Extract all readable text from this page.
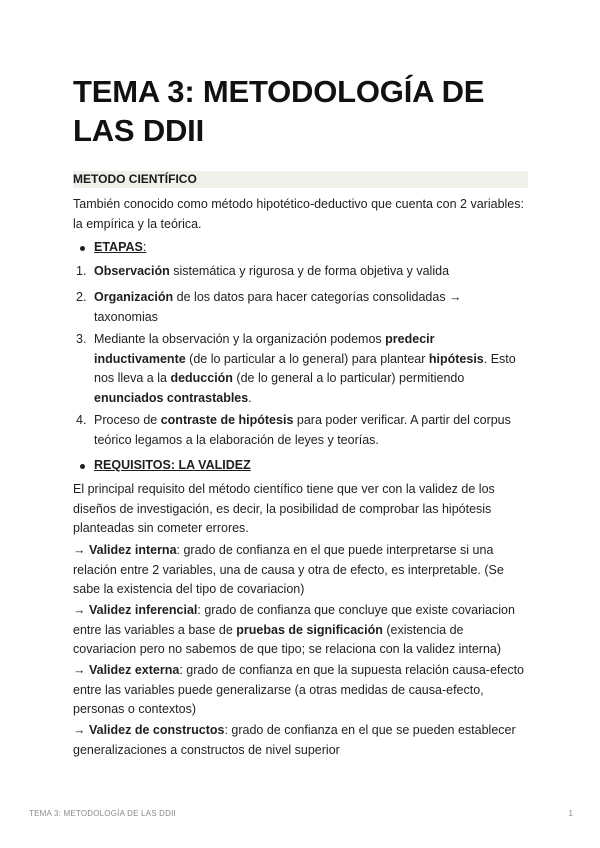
TEMA 3: METODOLOGÍA DE LAS DDII
METODO CIENTÍFICO

También conocido como método hipotético-deductivo que cuenta con 2 variables: la empírica y la teórica.

ETAPAS:
1. Observación sistemática y rigurosa y de forma objetiva y valida
2. Organización de los datos para hacer categorías consolidadas → taxonomias
3. Mediante la observación y la organización podemos predecir inductivamente (de lo particular a lo general) para plantear hipótesis. Esto nos lleva a la deducción (de lo general a lo particular) permitiendo enunciados contrastables.
4. Proceso de contraste de hipótesis para poder verificar. A partir del corpus teórico legamos a la elaboración de leyes y teorías.
REQUISITOS: LA VALIDEZ

El principal requisito del método científico tiene que ver con la validez de los diseños de investigación, es decir, la posibilidad de comprobar las hipótesis planteadas sin cometer errores.

→ Validez interna: grado de confianza en el que puede interpretarse si una relación entre 2 variables, una de causa y otra de efecto, es interpretable. (Se sabe la existencia del tipo de covariacion)

→ Validez inferencial: grado de confianza que concluye que existe covariacion entre las variables a base de pruebas de significación (existencia de covariacion pero no sabemos de que tipo; se relaciona con la validez interna)

→ Validez externa: grado de confianza en que la supuesta relación causa-efecto entre las variables puede generalizarse (a otras medidas de causa-efecto, personas o contextos)

→ Validez de constructos: grado de confianza en el que se pueden establecer generalizaciones a constructos de nivel superior

TEMA 3: METODOLOGÍA DE LAS DDII	1
